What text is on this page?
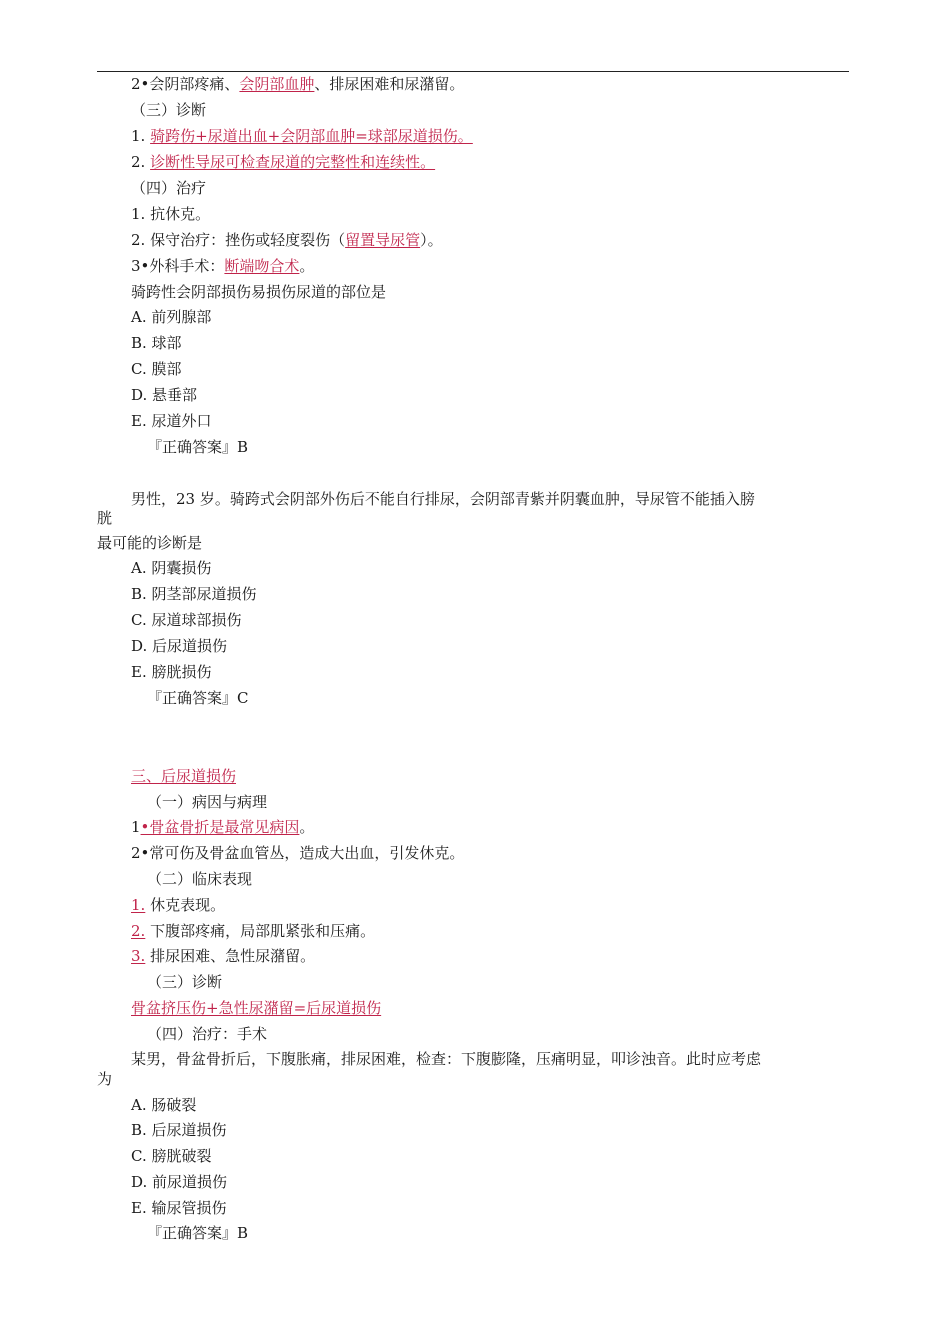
2•会阴部疼痛、会阴部血肿、排尿困难和尿潴留。
（三）诊断
1. 骑跨伤+尿道出血+会阴部血肿=球部尿道损伤。
2. 诊断性导尿可检查尿道的完整性和连续性。
（四）治疗
1. 抗休克。
2. 保守治疗：挫伤或轻度裂伤（留置导尿管）。
3•外科手术：断端吻合术。
骑跨性会阴部损伤易损伤尿道的部位是
A. 前列腺部
B. 球部
C. 膜部
D. 悬垂部
E. 尿道外口
『正确答案』B
男性，23 岁。骑跨式会阴部外伤后不能自行排尿，会阴部青紫并阴囊血肿，导尿管不能插入膀
胱
最可能的诊断是
A. 阴囊损伤
B. 阴茎部尿道损伤
C. 尿道球部损伤
D. 后尿道损伤
E. 膀胱损伤
『正确答案』C
三、后尿道损伤
（一）病因与病理
1•骨盆骨折是最常见病因。
2•常可伤及骨盆血管丛，造成大出血，引发休克。
（二）临床表现
1. 休克表现。
2. 下腹部疼痛，局部肌紧张和压痛。
3. 排尿困难、急性尿潴留。
（三）诊断
骨盆挤压伤+急性尿潴留=后尿道损伤
（四）治疗：手术
某男，骨盆骨折后，下腹胀痛，排尿困难，检查：下腹膨隆，压痛明显，叩诊浊音。此时应考虑
为
A. 肠破裂
B. 后尿道损伤
C. 膀胱破裂
D. 前尿道损伤
E. 输尿管损伤
『正确答案』B
